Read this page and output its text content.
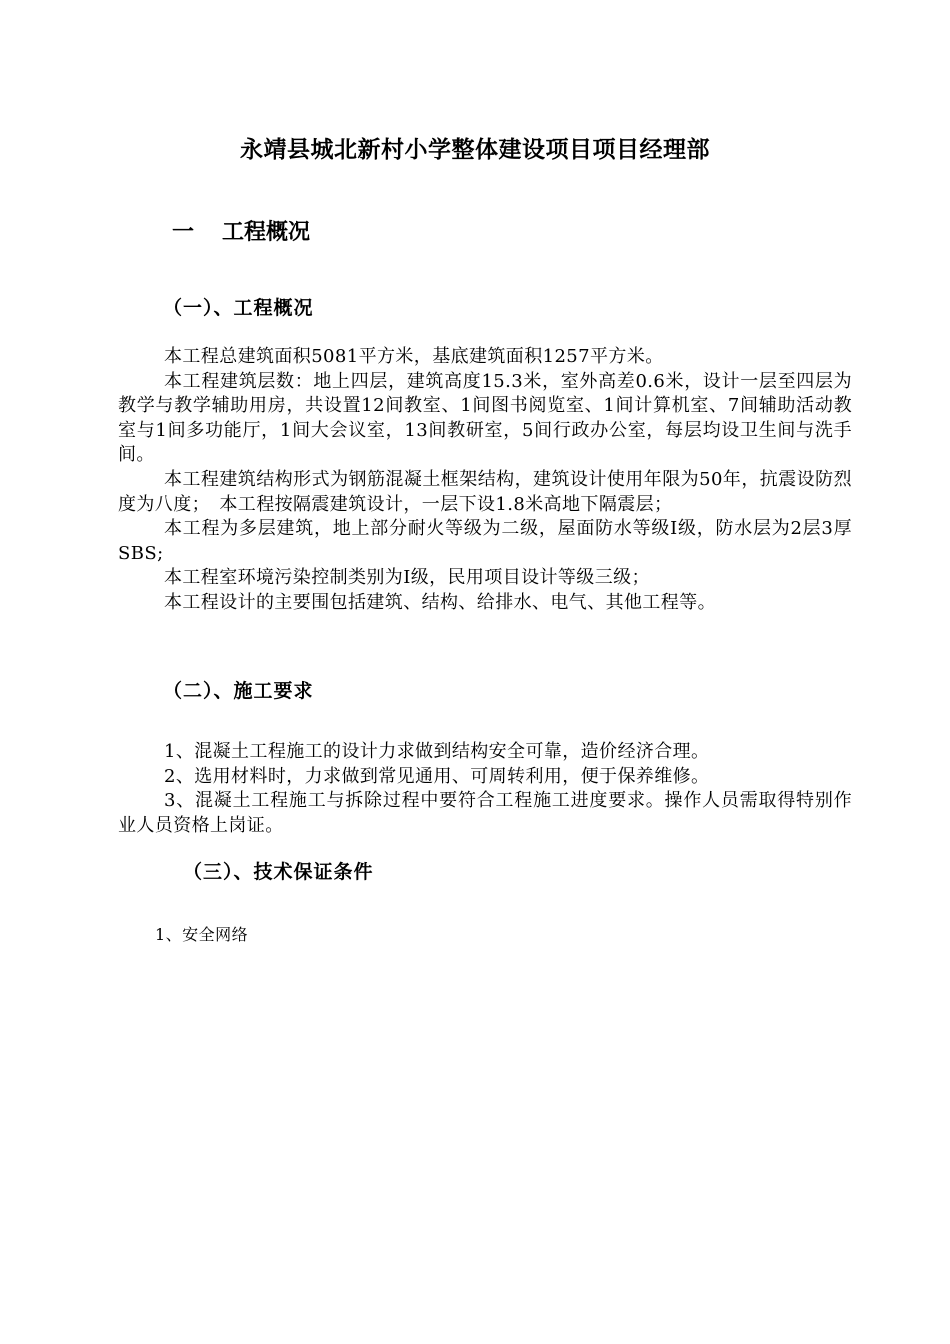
永靖县城北新村小学整体建设项目项目经理部
一 工程概况
（一）、工程概况

本工程总建筑面积5081平方米，基底建筑面积1257平方米。

本工程建筑层数：地上四层，建筑高度15.3米，室外高差0.6米，设计一层至四层为教学与教学辅助用房，共设置12间教室、1间图书阅览室、1间计算机室、7间辅助活动教室与1间多功能厅，1间大会议室，13间教研室，5间行政办公室，每层均设卫生间与洗手间。

本工程建筑结构形式为钢筋混凝土框架结构，建筑设计使用年限为50年，抗震设防烈度为八度；　本工程按隔震建筑设计，一层下设1.8米高地下隔震层；

本工程为多层建筑，地上部分耐火等级为二级，屋面防水等级Ⅰ级，防水层为2层3厚SBS;

本工程室环境污染控制类别为Ⅰ级，民用项目设计等级三级；

本工程设计的主要围包括建筑、结构、给排水、电气、其他工程等。

（二）、施工要求

1、混凝土工程施工的设计力求做到结构安全可靠，造价经济合理。

2、选用材料时，力求做到常见通用、可周转利用，便于保养维修。

3、混凝土工程施工与拆除过程中要符合工程施工进度要求。操作人员需取得特别作业人员资格上岗证。

（三）、技术保证条件
1、安全网络
